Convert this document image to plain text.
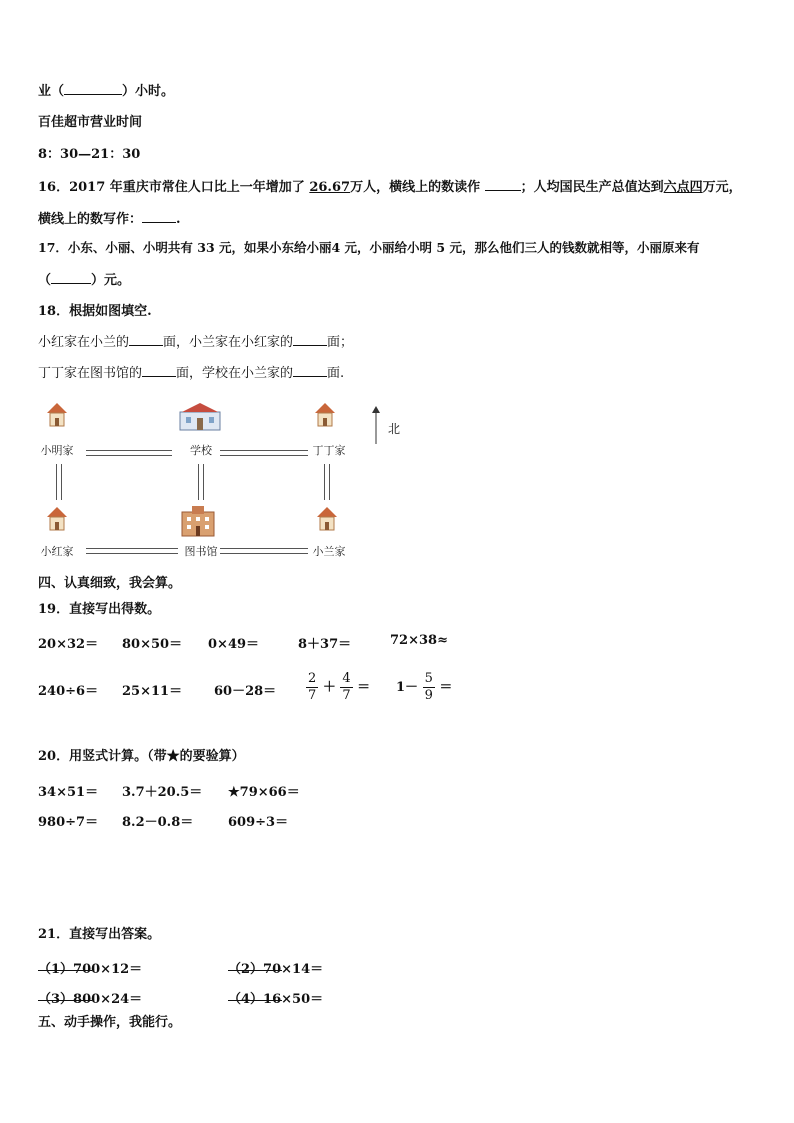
业（	）小时。
百佳超市营业时间
8：30—21：30
16．2017 年重庆市常住人口比上一年增加了 26.67万人，横线上的数读作	；人均国民生产总值达到六点四万元，
横线上的数写作：	.
17．小东、小丽、小明共有 33 元，如果小东给小丽4 元，小丽给小明 5 元，那么他们三人的钱数就相等，小丽原来有
（	）元。
18．根据如图填空.
小红家在小兰的	面，小兰家在小红家的	面；
丁丁家在图书馆的	面，学校在小兰家的	面.
小明家	学校	丁丁家
小红家	图书馆	小兰家
北
四、认真细致，我会算。
19．直接写出得数。
20×32＝ 80×50＝ 0×49＝	8＋37＝	72×38≈
$240\div 6= 25\times 11= 60-28= \frac{2}{7} + \frac{4}{7} = 1- \frac{5}{9}$ ＝
20．用竖式计算。（带★的要验算）
34×51＝ 3.7＋20.5＝ ★79×66＝
980÷7＝ 8.2－0.8＝	609÷3＝
21．直接写出答案。
（1）700×12＝	（2）70×14＝
（3）800×24＝	（4）16×50＝
五、动手操作，我能行。
